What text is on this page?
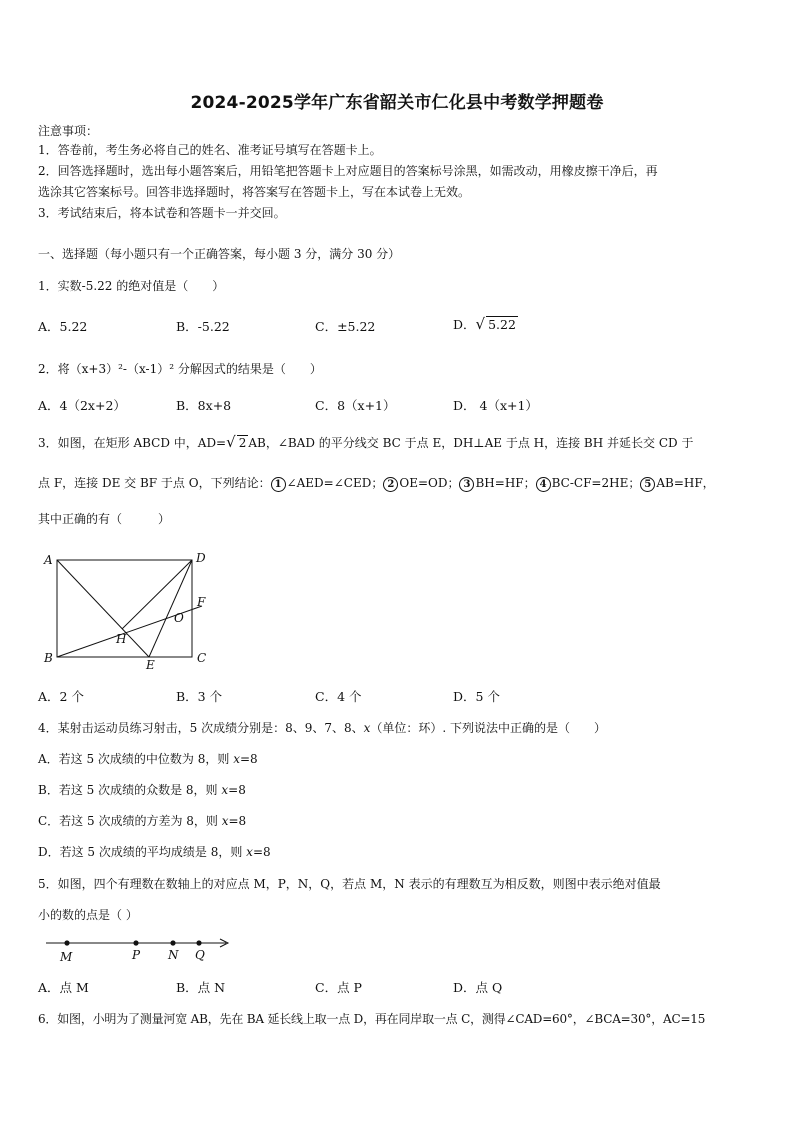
2024-2025学年广东省韶关市仁化县中考数学押题卷
注意事项：
1．答卷前，考生务必将自己的姓名、准考证号填写在答题卡上。
2．回答选择题时，选出每小题答案后，用铅笔把答题卡上对应题目的答案标号涂黑，如需改动，用橡皮擦干净后，再
选涂其它答案标号。回答非选择题时，将答案写在答题卡上，写在本试卷上无效。
3．考试结束后，将本试卷和答题卡一并交回。
一、选择题（每小题只有一个正确答案，每小题 3 分，满分 30 分）
1．实数-5.22 的绝对值是（　　）
A．5.22	B．-5.22	C．±5.22	D．√ 5.22
2．将（x+3）²-（x-1）² 分解因式的结果是（　　）
A．4（2x+2）	B．8x+8	C．8（x+1）	D． 4（x+1）
3．如图，在矩形 ABCD 中，AD=√ 2 AB，∠BAD 的平分线交 BC 于点 E，DH⊥AE 于点 H，连接 BH 并延长交 CD 于
点 F，连接 DE 交 BF 于点 O，下列结论： 1 ∠AED=∠CED； 2 OE=OD； 3 BH=HF； 4 BC-CF=2HE； 5 AB=HF，
其中正确的有（　　　）
A	D
F
O
H
B	E	C
A．2 个	B．3 个	C．4 个	D．5 个
4．某射击运动员练习射击，5 次成绩分别是：8、9、7、8、x（单位：环）. 下列说法中正确的是（　　）
A．若这 5 次成绩的中位数为 8，则 x=8
B．若这 5 次成绩的众数是 8，则 x=8
C．若这 5 次成绩的方差为 8，则 x=8
D．若这 5 次成绩的平均成绩是 8，则 x=8
5．如图，四个有理数在数轴上的对应点 M，P，N，Q，若点 M，N 表示的有理数互为相反数，则图中表示绝对值最
小的数的点是（ ）
M	P N Q
A．点 M	B．点 N	C．点 P	D．点 Q
6．如图，小明为了测量河宽 AB，先在 BA 延长线上取一点 D，再在同岸取一点 C，测得∠CAD=60°，∠BCA=30°，AC=15
